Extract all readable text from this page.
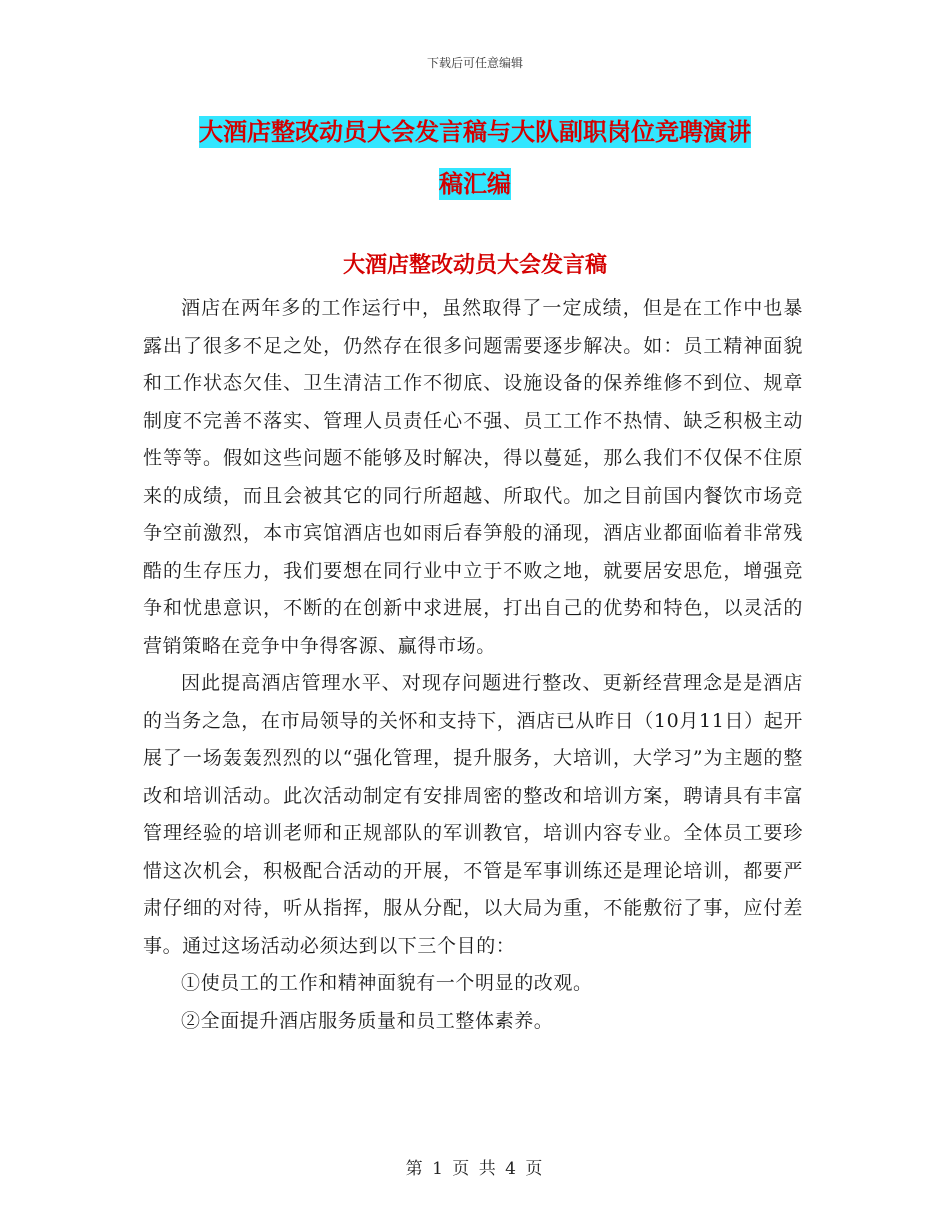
下载后可任意编辑
大酒店整改动员大会发言稿与大队副职岗位竞聘演讲
稿汇编
大酒店整改动员大会发言稿

酒店在两年多的工作运行中，虽然取得了一定成绩，但是在工作中也暴露出了很多不足之处，仍然存在很多问题需要逐步解决。如：员工精神面貌和工作状态欠佳、卫生清洁工作不彻底、设施设备的保养维修不到位、规章制度不完善不落实、管理人员责任心不强、员工工作不热情、缺乏积极主动性等等。假如这些问题不能够及时解决，得以蔓延，那么我们不仅保不住原来的成绩，而且会被其它的同行所超越、所取代。加之目前国内餐饮市场竞争空前激烈，本市宾馆酒店也如雨后春笋般的涌现，酒店业都面临着非常残酷的生存压力，我们要想在同行业中立于不败之地，就要居安思危，增强竞争和忧患意识，不断的在创新中求进展，打出自己的优势和特色，以灵活的营销策略在竞争中争得客源、赢得市场。

因此提高酒店管理水平、对现存问题进行整改、更新经营理念是是酒店的当务之急，在市局领导的关怀和支持下，酒店已从昨日（10月11日）起开展了一场轰轰烈烈的以“强化管理，提升服务，大培训，大学习”为主题的整改和培训活动。此次活动制定有安排周密的整改和培训方案，聘请具有丰富管理经验的培训老师和正规部队的军训教官，培训内容专业。全体员工要珍惜这次机会，积极配合活动的开展，不管是军事训练还是理论培训，都要严肃仔细的对待，听从指挥，服从分配，以大局为重，不能敷衍了事，应付差事。通过这场活动必须达到以下三个目的：

①使员工的工作和精神面貌有一个明显的改观。

②全面提升酒店服务质量和员工整体素养。

第 1 页 共 4 页
